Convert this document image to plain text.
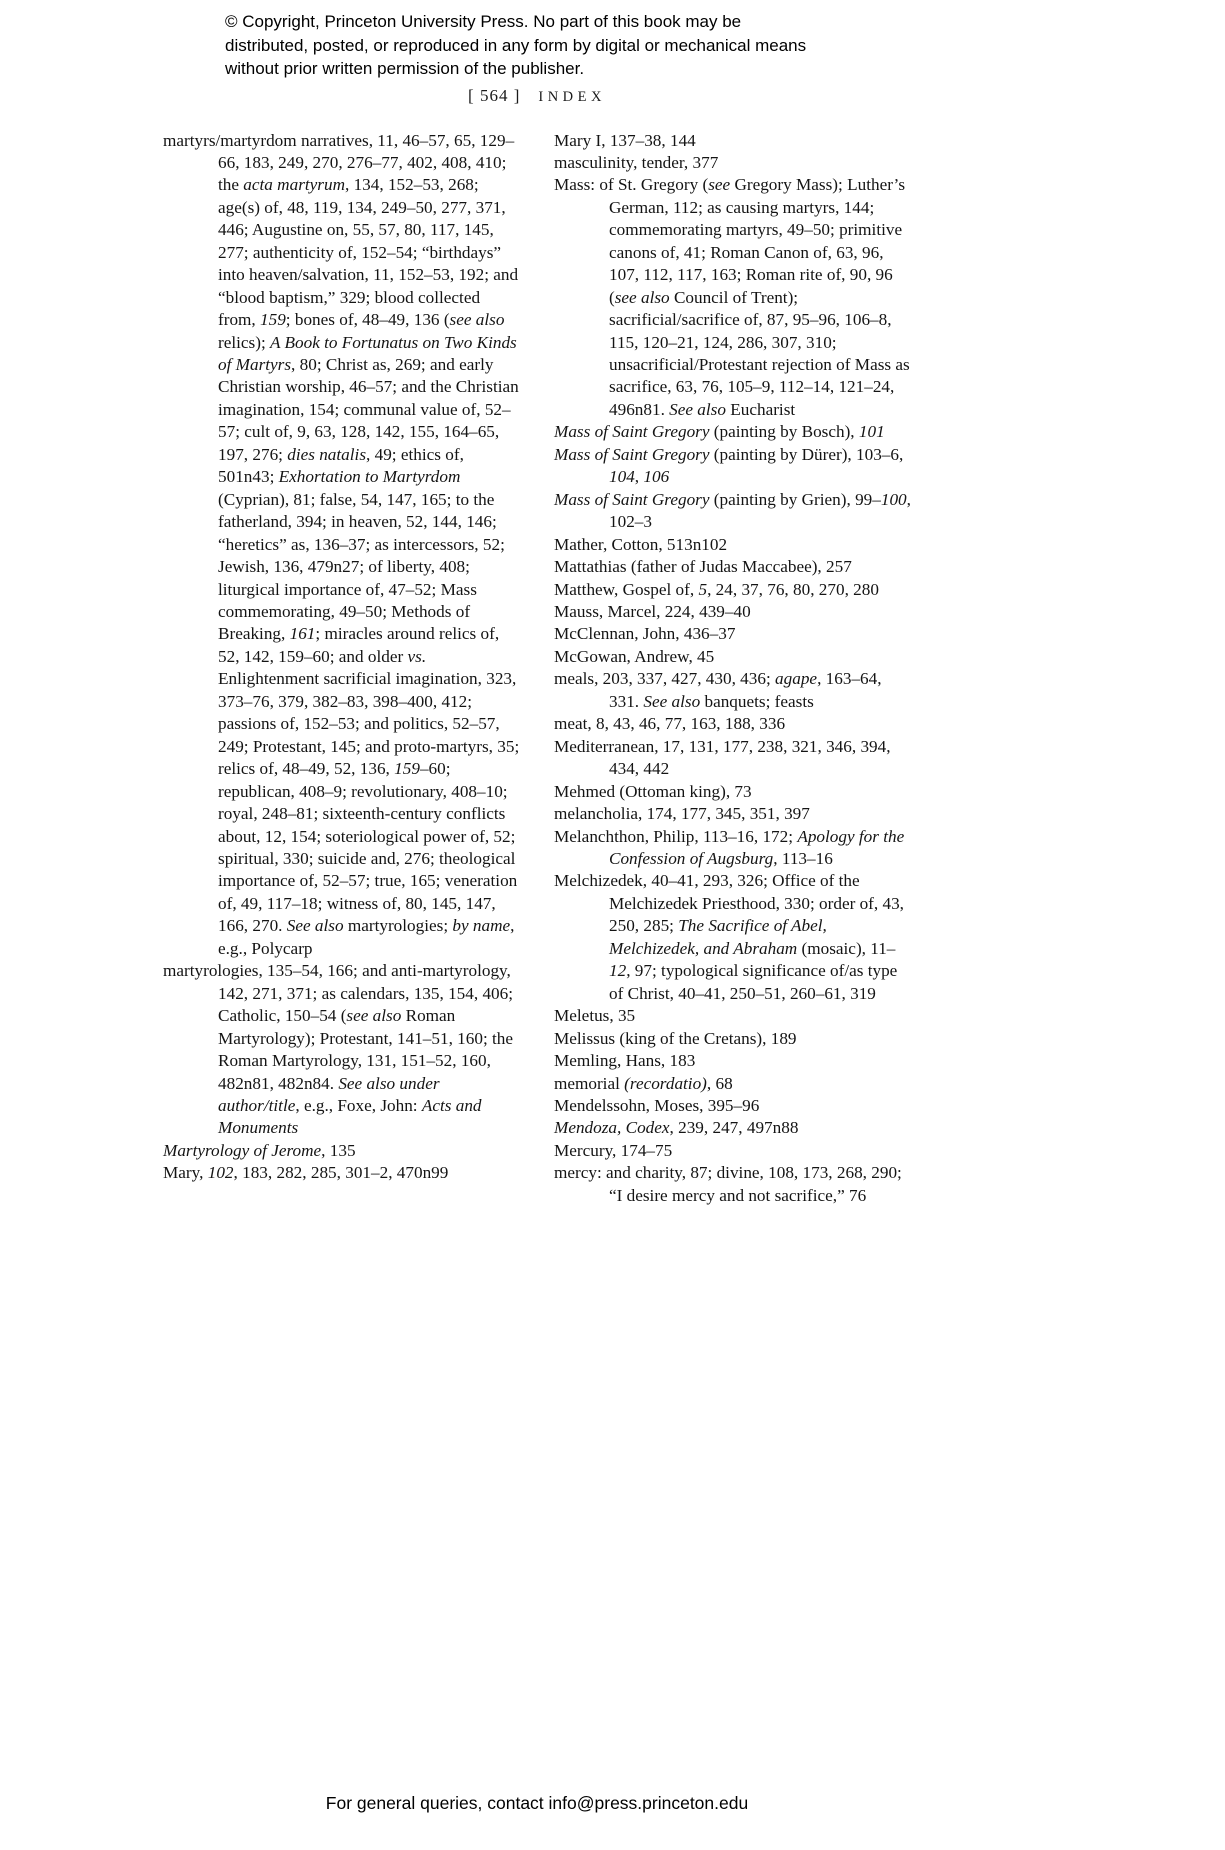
© Copyright, Princeton University Press. No part of this book may be distributed, posted, or reproduced in any form by digital or mechanical means without prior written permission of the publisher.

[ 564 ] INDEX

martyrs/martyrdom narratives, 11, 46–57, 65, 129–66, 183, 249, 270, 276–77, 402, 408, 410; the acta martyrum, 134, 152–53, 268; age(s) of, 48, 119, 134, 249–50, 277, 371, 446; Augustine on, 55, 57, 80, 117, 145, 277; authenticity of, 152–54; “birthdays” into heaven/salvation, 11, 152–53, 192; and “blood baptism,” 329; blood collected from, 159; bones of, 48–49, 136 (see also relics); A Book to Fortunatus on Two Kinds of Martyrs, 80; Christ as, 269; and early Christian worship, 46–57; and the Christian imagination, 154; communal value of, 52–57; cult of, 9, 63, 128, 142, 155, 164–65, 197, 276; dies natalis, 49; ethics of, 501n43; Exhortation to Martyrdom (Cyprian), 81; false, 54, 147, 165; to the fatherland, 394; in heaven, 52, 144, 146; “heretics” as, 136–37; as intercessors, 52; Jewish, 136, 479n27; of liberty, 408; liturgical importance of, 47–52; Mass commemorating, 49–50; Methods of Breaking, 161; miracles around relics of, 52, 142, 159–60; and older vs. Enlightenment sacrificial imagination, 323, 373–76, 379, 382–83, 398–400, 412; passions of, 152–53; and politics, 52–57, 249; Protestant, 145; and proto-martyrs, 35; relics of, 48–49, 52, 136, 159–60; republican, 408–9; revolutionary, 408–10; royal, 248–81; sixteenth-century conflicts about, 12, 154; soteriological power of, 52; spiritual, 330; suicide and, 276; theological importance of, 52–57; true, 165; veneration of, 49, 117–18; witness of, 80, 145, 147, 166, 270. See also martyrologies; by name, e.g., Polycarp

martyrologies, 135–54, 166; and anti-martyrology, 142, 271, 371; as calendars, 135, 154, 406; Catholic, 150–54 (see also Roman Martyrology); Protestant, 141–51, 160; the Roman Martyrology, 131, 151–52, 160, 482n81, 482n84. See also under author/title, e.g., Foxe, John: Acts and Monuments

Martyrology of Jerome, 135

Mary, 102, 183, 282, 285, 301–2, 470n99

Mary I, 137–38, 144

masculinity, tender, 377

Mass: of St. Gregory (see Gregory Mass); Luther’s German, 112; as causing martyrs, 144; commemorating martyrs, 49–50; primitive canons of, 41; Roman Canon of, 63, 96, 107, 112, 117, 163; Roman rite of, 90, 96 (see also Council of Trent); sacrificial/sacrifice of, 87, 95–96, 106–8, 115, 120–21, 124, 286, 307, 310; unsacrificial/Protestant rejection of Mass as sacrifice, 63, 76, 105–9, 112–14, 121–24, 496n81. See also Eucharist

Mass of Saint Gregory (painting by Bosch), 101

Mass of Saint Gregory (painting by Dürer), 103–6, 104, 106

Mass of Saint Gregory (painting by Grien), 99–100, 102–3

Mather, Cotton, 513n102

Mattathias (father of Judas Maccabee), 257

Matthew, Gospel of, 5, 24, 37, 76, 80, 270, 280

Mauss, Marcel, 224, 439–40

McClennan, John, 436–37

McGowan, Andrew, 45

meals, 203, 337, 427, 430, 436; agape, 163–64, 331. See also banquets; feasts

meat, 8, 43, 46, 77, 163, 188, 336

Mediterranean, 17, 131, 177, 238, 321, 346, 394, 434, 442

Mehmed (Ottoman king), 73

melancholia, 174, 177, 345, 351, 397

Melanchthon, Philip, 113–16, 172; Apology for the Confession of Augsburg, 113–16

Melchizedek, 40–41, 293, 326; Office of the Melchizedek Priesthood, 330; order of, 43, 250, 285; The Sacrifice of Abel, Melchizedek, and Abraham (mosaic), 11–12, 97; typological significance of/as type of Christ, 40–41, 250–51, 260–61, 319

Meletus, 35

Melissus (king of the Cretans), 189

Memling, Hans, 183

memorial (recordatio), 68

Mendelssohn, Moses, 395–96

Mendoza, Codex, 239, 247, 497n88

Mercury, 174–75

mercy: and charity, 87; divine, 108, 173, 268, 290; “I desire mercy and not sacrifice,” 76

For general queries, contact info@press.princeton.edu
